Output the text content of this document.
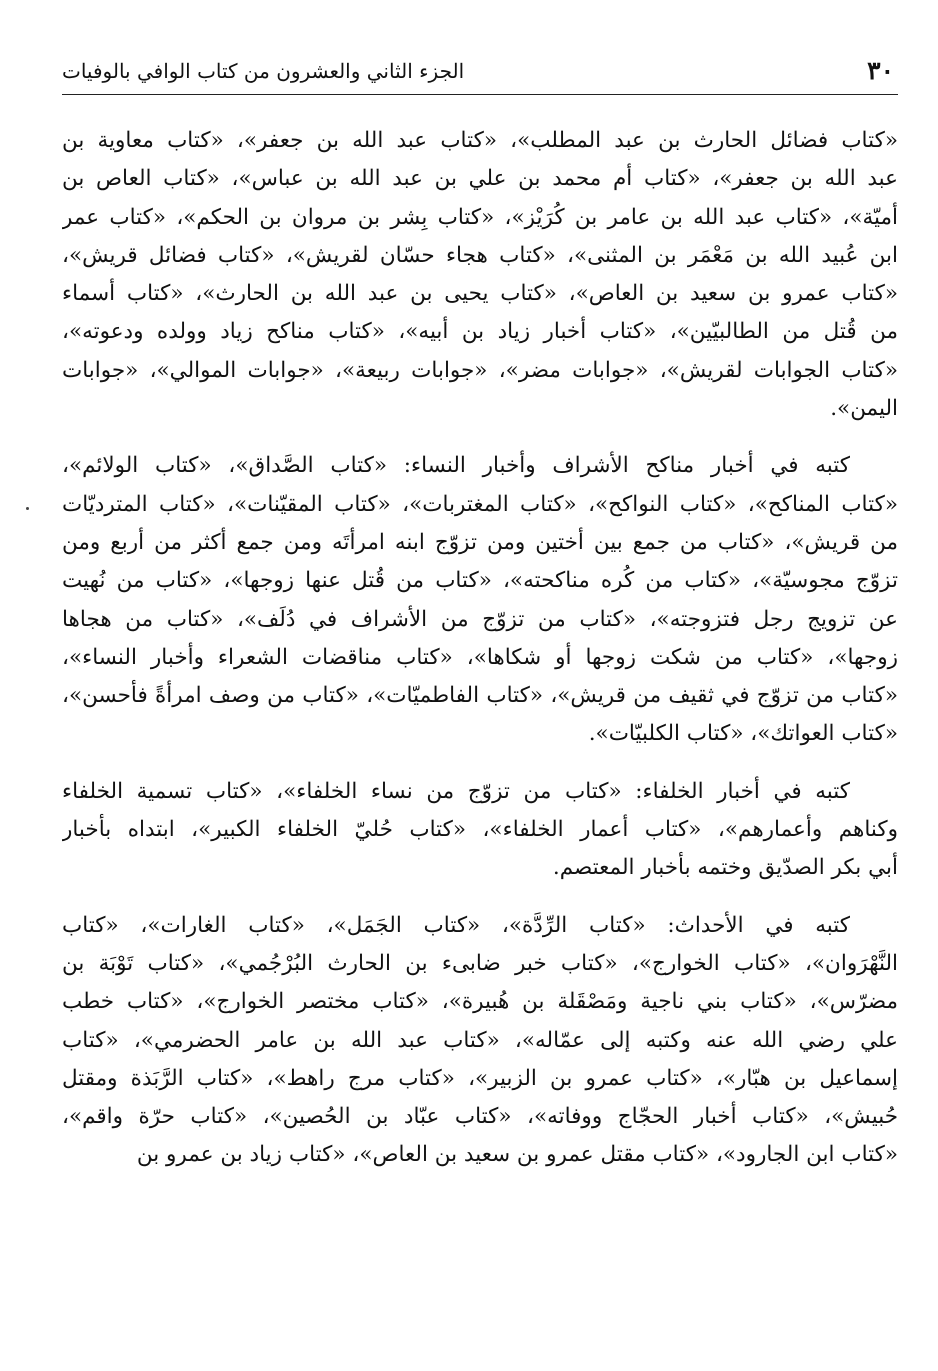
٣٠
الجزء الثاني والعشرون من كتاب الوافي بالوفيات
«كتاب فضائل الحارث بن عبد المطلب»، «كتاب عبد الله بن جعفر»، «كتاب معاوية بن
عبد الله بن جعفر»، «كتاب أم محمد بن علي بن عبد الله بن عباس»، «كتاب العاص بن
أميّة»، «كتاب عبد الله بن عامر بن كُرَيْز»، «كتاب بِشر بن مروان بن الحكم»، «كتاب عمر
ابن عُبيد الله بن مَعْمَر بن المثنى»، «كتاب هجاء حسّان لقريش»، «كتاب فضائل قريش»،
«كتاب عمرو بن سعيد بن العاص»، «كتاب يحيى بن عبد الله بن الحارث»، «كتاب أسماء
من قُتل من الطالبيّين»، «كتاب أخبار زياد بن أبيه»، «كتاب مناكح زياد وولده ودعوته»،
«كتاب الجوابات لقريش»، «جوابات مضر»، «جوابات ربيعة»، «جوابات الموالي»، «جوابات
اليمن».
كتبه في أخبار مناكح الأشراف وأخبار النساء: «كتاب الصَّداق»، «كتاب الولائم»،
«كتاب المناكح»، «كتاب النواكح»، «كتاب المغتربات»، «كتاب المقيّنات»، «كتاب المترديّات
من قريش»، «كتاب من جمع بين أختين ومن تزوّج ابنه امرأتَه ومن جمع أكثر من أربع ومن
تزوّج مجوسيّة»، «كتاب من كُره مناكحته»، «كتاب من قُتل عنها زوجها»، «كتاب من نُهيت
عن تزويج رجل فتزوجته»، «كتاب من تزوّج من الأشراف في دُلَف»، «كتاب من هجاها
زوجها»، «كتاب من شكت زوجها أو شكاها»، «كتاب مناقضات الشعراء وأخبار النساء»،
«كتاب من تزوّج في ثقيف من قريش»، «كتاب الفاطميّات»، «كتاب من وصف امرأةً فأحسن»،
«كتاب العواتك»، «كتاب الكلبيّات».
كتبه في أخبار الخلفاء: «كتاب من تزوّج من نساء الخلفاء»، «كتاب تسمية الخلفاء
وكناهم وأعمارهم»، «كتاب أعمار الخلفاء»، «كتاب حُليّ الخلفاء الكبير»، ابتداه بأخبار
أبي بكر الصدّيق وختمه بأخبار المعتصم.
كتبه في الأحداث: «كتاب الرِّدَّة»، «كتاب الجَمَل»، «كتاب الغارات»، «كتاب
النَّهْرَوان»، «كتاب الخوارج»، «كتاب خبر ضابىء بن الحارث البُرْجُمي»، «كتاب تَوْبَة بن
مضرّس»، «كتاب بني ناجية ومَصْقَلة بن هُبيرة»، «كتاب مختصر الخوارج»، «كتاب خطب
علي رضي الله عنه وكتبه إلى عمّاله»، «كتاب عبد الله بن عامر الحضرمي»، «كتاب
إسماعيل بن هبّار»، «كتاب عمرو بن الزبير»، «كتاب مرج راهط»، «كتاب الرَّبَذة ومقتل
حُبيش»، «كتاب أخبار الحجّاج ووفاته»، «كتاب عبّاد بن الحُصين»، «كتاب حرّة واقم»،
«كتاب ابن الجارود»، «كتاب مقتل عمرو بن سعيد بن العاص»، «كتاب زياد بن عمرو بن
